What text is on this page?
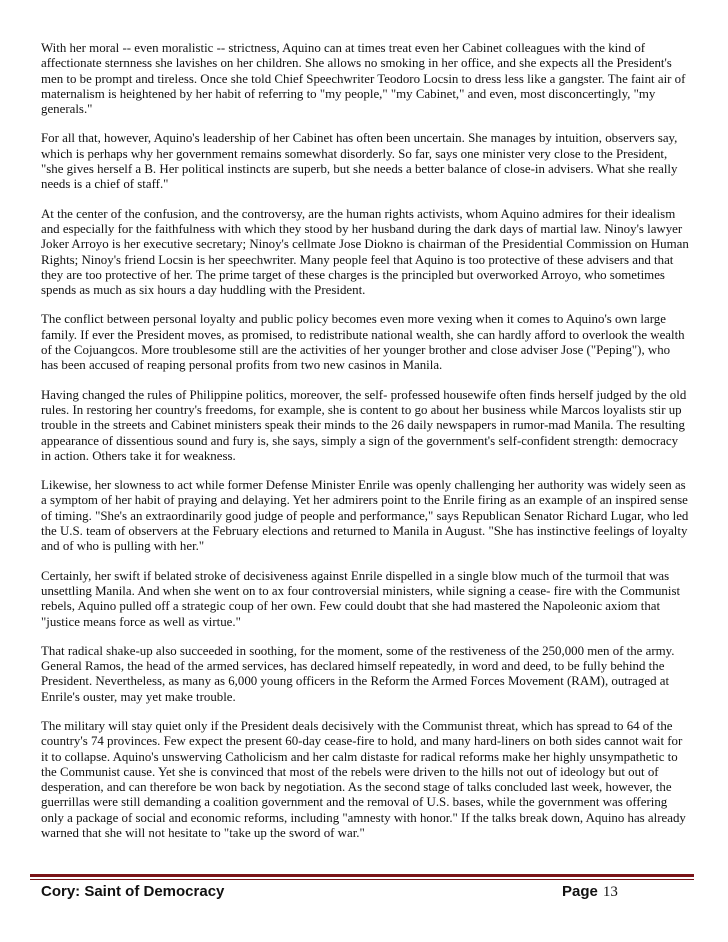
With her moral -- even moralistic -- strictness, Aquino can at times treat even her Cabinet colleagues with the kind of affectionate sternness she lavishes on her children. She allows no smoking in her office, and she expects all the President's men to be prompt and tireless. Once she told Chief Speechwriter Teodoro Locsin to dress less like a gangster. The faint air of maternalism is heightened by her habit of referring to "my people," "my Cabinet," and even, most disconcertingly, "my generals."

For all that, however, Aquino's leadership of her Cabinet has often been uncertain. She manages by intuition, observers say, which is perhaps why her government remains somewhat disorderly. So far, says one minister very close to the President, "she gives herself a B. Her political instincts are superb, but she needs a better balance of close-in advisers. What she really needs is a chief of staff."

At the center of the confusion, and the controversy, are the human rights activists, whom Aquino admires for their idealism and especially for the faithfulness with which they stood by her husband during the dark days of martial law. Ninoy's lawyer Joker Arroyo is her executive secretary; Ninoy's cellmate Jose Diokno is chairman of the Presidential Commission on Human Rights; Ninoy's friend Locsin is her speechwriter. Many people feel that Aquino is too protective of these advisers and that they are too protective of her. The prime target of these charges is the principled but overworked Arroyo, who sometimes spends as much as six hours a day huddling with the President.

The conflict between personal loyalty and public policy becomes even more vexing when it comes to Aquino's own large family. If ever the President moves, as promised, to redistribute national wealth, she can hardly afford to overlook the wealth of the Cojuangcos. More troublesome still are the activities of her younger brother and close adviser Jose ("Peping"), who has been accused of reaping personal profits from two new casinos in Manila.

Having changed the rules of Philippine politics, moreover, the self- professed housewife often finds herself judged by the old rules. In restoring her country's freedoms, for example, she is content to go about her business while Marcos loyalists stir up trouble in the streets and Cabinet ministers speak their minds to the 26 daily newspapers in rumor-mad Manila. The resulting appearance of dissentious sound and fury is, she says, simply a sign of the government's self-confident strength: democracy in action. Others take it for weakness.

Likewise, her slowness to act while former Defense Minister Enrile was openly challenging her authority was widely seen as a symptom of her habit of praying and delaying. Yet her admirers point to the Enrile firing as an example of an inspired sense of timing. "She's an extraordinarily good judge of people and performance," says Republican Senator Richard Lugar, who led the U.S. team of observers at the February elections and returned to Manila in August. "She has instinctive feelings of loyalty and of who is pulling with her."

Certainly, her swift if belated stroke of decisiveness against Enrile dispelled in a single blow much of the turmoil that was unsettling Manila. And when she went on to ax four controversial ministers, while signing a cease- fire with the Communist rebels, Aquino pulled off a strategic coup of her own. Few could doubt that she had mastered the Napoleonic axiom that "justice means force as well as virtue."

That radical shake-up also succeeded in soothing, for the moment, some of the restiveness of the 250,000 men of the army. General Ramos, the head of the armed services, has declared himself repeatedly, in word and deed, to be fully behind the President. Nevertheless, as many as 6,000 young officers in the Reform the Armed Forces Movement (RAM), outraged at Enrile's ouster, may yet make trouble.

The military will stay quiet only if the President deals decisively with the Communist threat, which has spread to 64 of the country's 74 provinces. Few expect the present 60-day cease-fire to hold, and many hard-liners on both sides cannot wait for it to collapse. Aquino's unswerving Catholicism and her calm distaste for radical reforms make her highly unsympathetic to the Communist cause. Yet she is convinced that most of the rebels were driven to the hills not out of ideology but out of desperation, and can therefore be won back by negotiation. As the second stage of talks concluded last week, however, the guerrillas were still demanding a coalition government and the removal of U.S. bases, while the government was offering only a package of social and economic reforms, including "amnesty with honor." If the talks break down, Aquino has already warned that she will not hesitate to "take up the sword of war."

Cory: Saint of Democracy	Page 13
